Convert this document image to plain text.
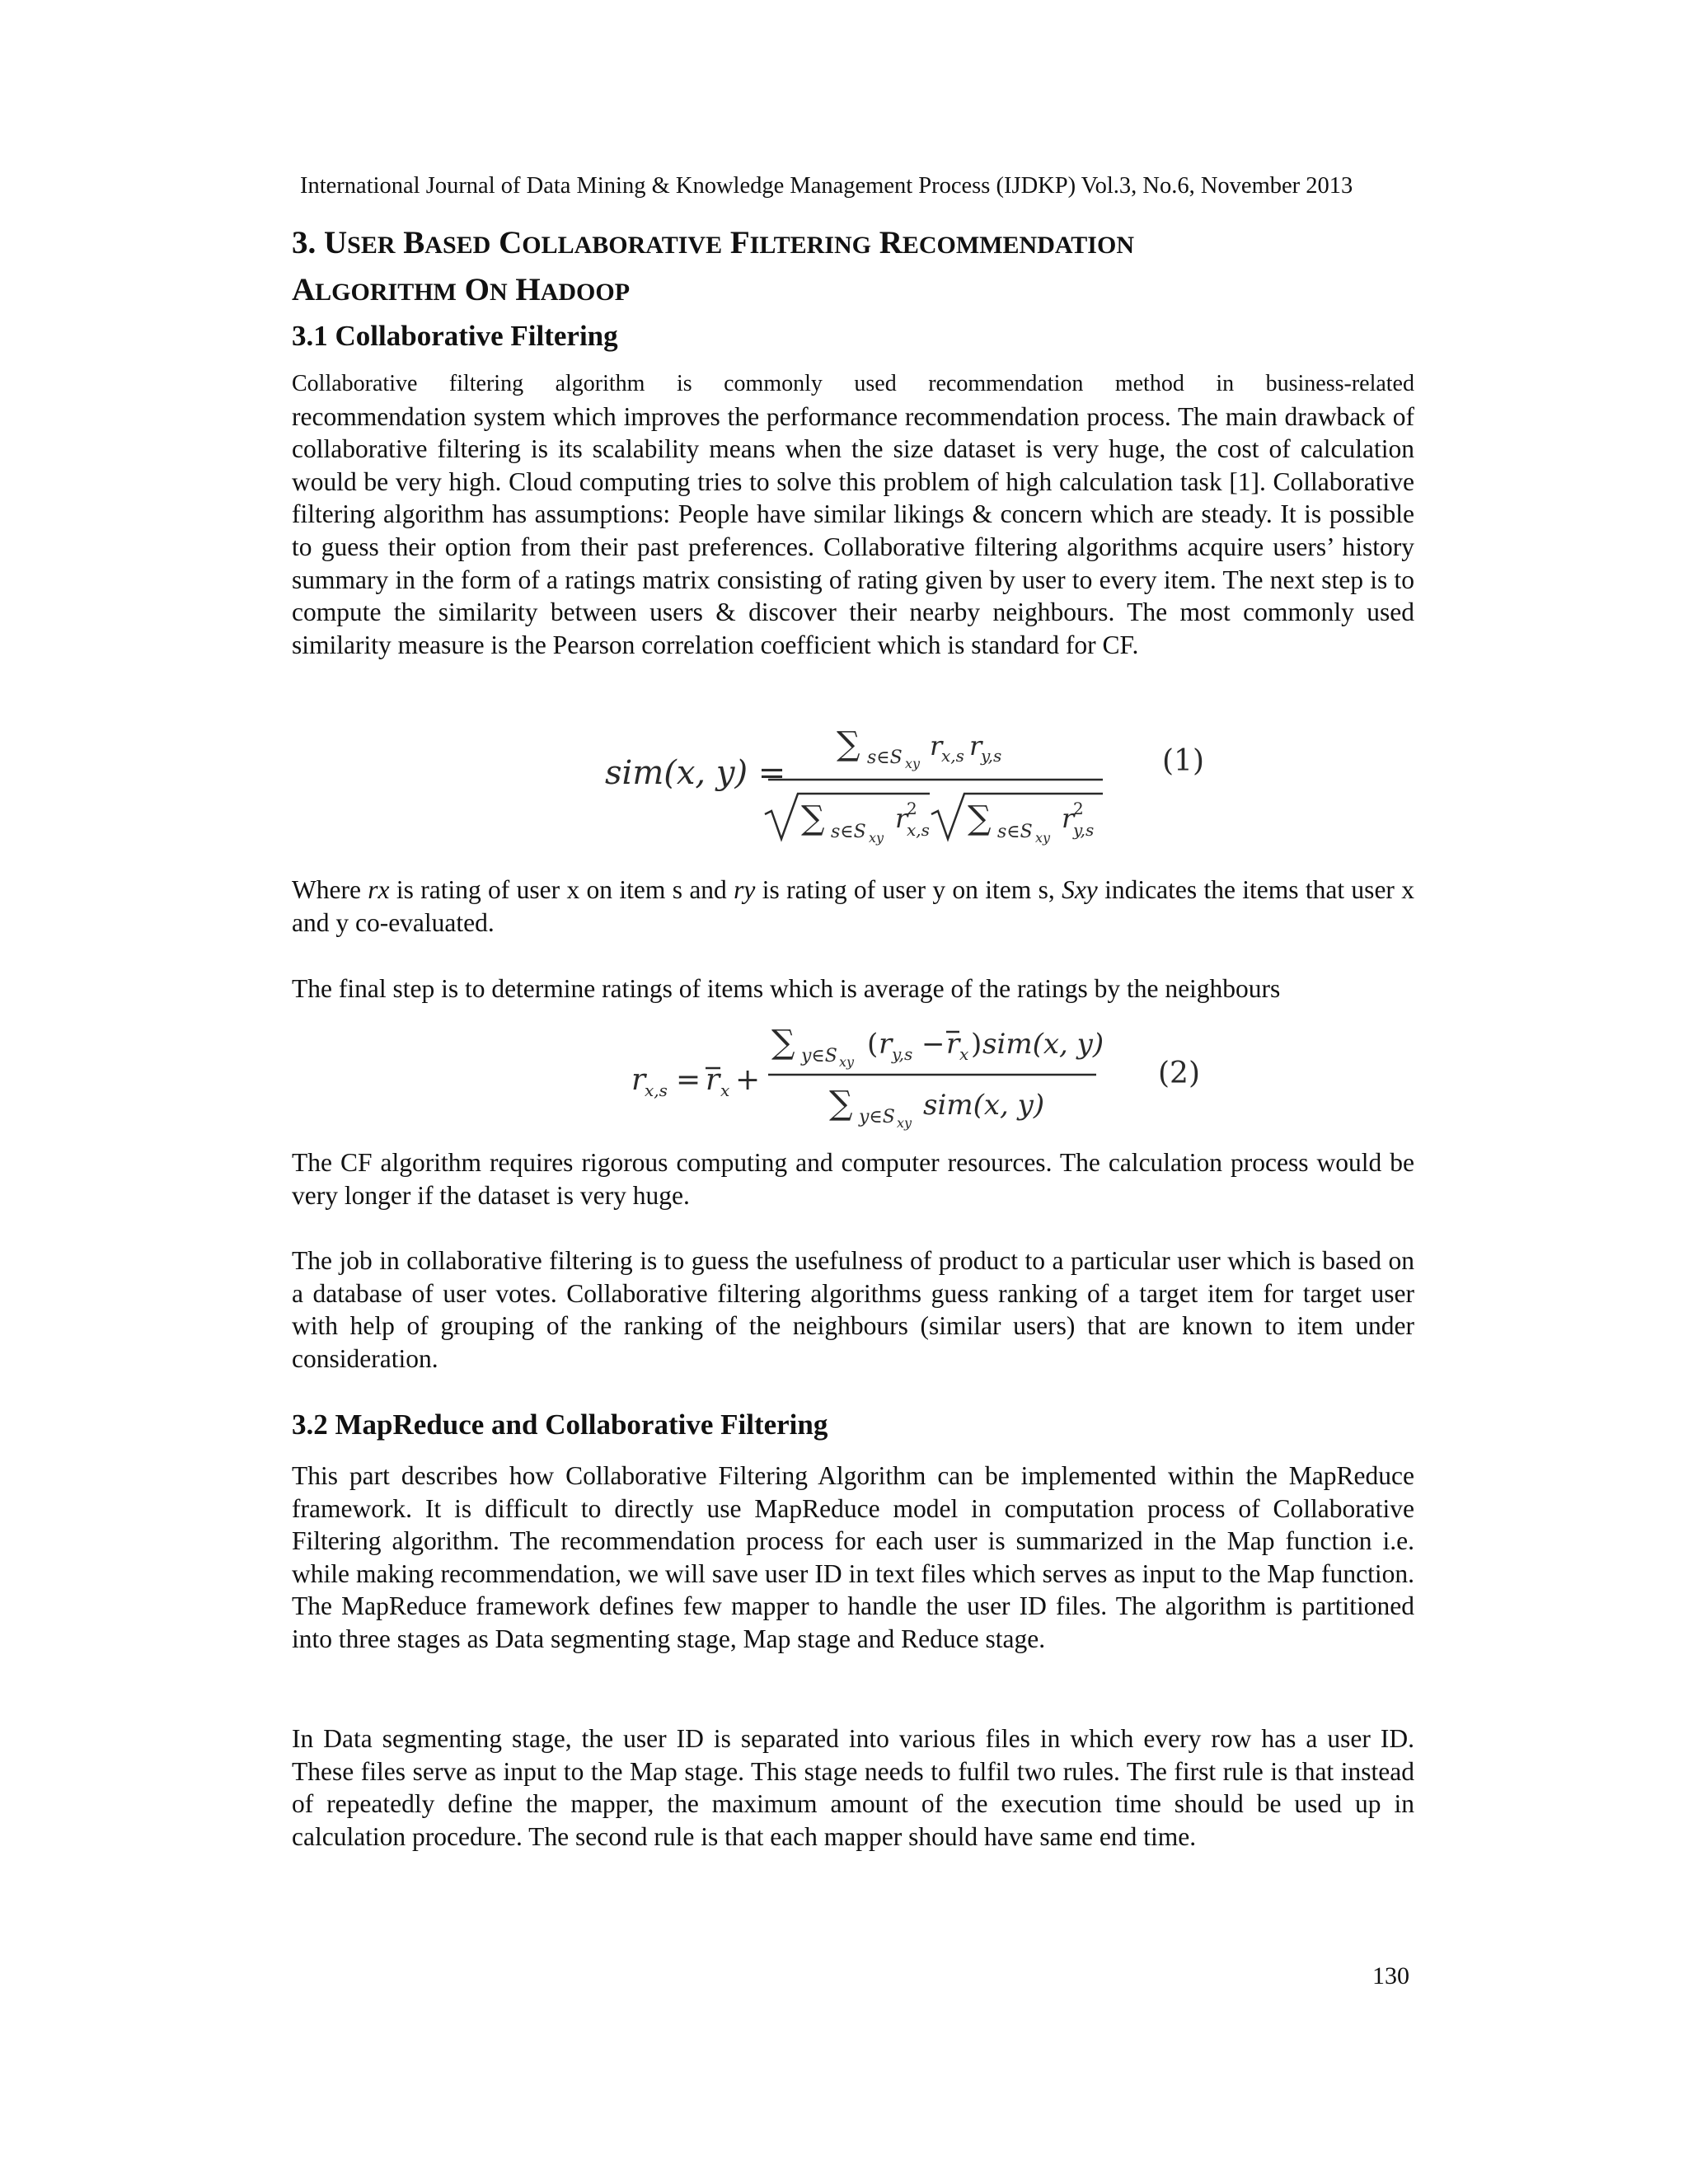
International Journal of Data Mining & Knowledge Management Process (IJDKP) Vol.3, No.6, November 2013
3. USER BASED COLLABORATIVE FILTERING RECOMMENDATION
ALGORITHM ON HADOOP
3.1 Collaborative Filtering
Collaborative filtering algorithm is commonly used recommendation method in business-related
recommendation system which improves the performance recommendation process. The main drawback of collaborative filtering is its scalability means when the size dataset is very huge, the cost of calculation would be very high. Cloud computing tries to solve this problem of high calculation task [1]. Collaborative filtering algorithm has assumptions: People have similar likings & concern which are steady. It is possible to guess their option from their past preferences. Collaborative filtering algorithms acquire users’ history summary in the form of a ratings matrix consisting of rating given by user to every item. The next step is to compute the similarity between users & discover their nearby neighbours. The most commonly used similarity measure is the Pearson correlation coefficient which is standard for CF.
sim(x, y) =
∑ s∈S xy
r
x,s r
y,s
∑ s∈S xy
r
2
x,s ∑ s∈S xy
r
2
y,s
(1)
Where rx is rating of user x on item s and ry is rating of user y on item s, Sxy indicates the items that user x and y co-evaluated.
The final step is to determine ratings of items which is average of the ratings by the neighbours
r
x,s = r x +
∑ y∈S xy
( r y,s − r x ) sim(x, y)
∑ y∈S xy
sim(x, y)
(2)
The CF algorithm requires rigorous computing and computer resources. The calculation process would be very longer if the dataset is very huge.
The job in collaborative filtering is to guess the usefulness of product to a particular user which is based on a database of user votes. Collaborative filtering algorithms guess ranking of a target item for target user with help of grouping of the ranking of the neighbours (similar users) that are known to item under consideration.
3.2 MapReduce and Collaborative Filtering
This part describes how Collaborative Filtering Algorithm can be implemented within the MapReduce framework. It is difficult to directly use MapReduce model in computation process of Collaborative Filtering algorithm. The recommendation process for each user is summarized in the Map function i.e. while making recommendation, we will save user ID in text files which serves as input to the Map function. The MapReduce framework defines few mapper to handle the user ID files. The algorithm is partitioned into three stages as Data segmenting stage, Map stage and Reduce stage.
In Data segmenting stage, the user ID is separated into various files in which every row has a user ID. These files serve as input to the Map stage. This stage needs to fulfil two rules. The first rule is that instead of repeatedly define the mapper, the maximum amount of the execution time should be used up in calculation procedure. The second rule is that each mapper should have same end time.
130
